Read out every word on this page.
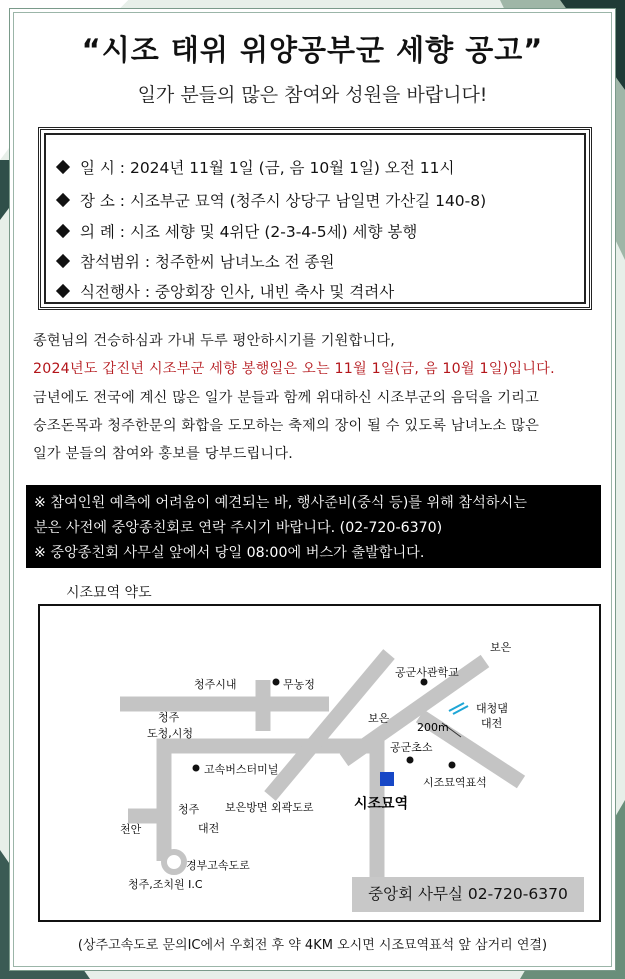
“시조 태위 위양공부군 세향 공고”
일가 분들의 많은 참여와 성원을 바랍니다!
일 시 : 2024년 11월 1일 (금, 음 10월 1일) 오전 11시
장 소 : 시조부군 묘역 (청주시 상당구 남일면 가산길 140-8)
의 례 : 시조 세향 및 4위단 (2-3-4-5세) 세향 봉행
참석범위 : 청주한씨 남녀노소 전 종원
식전행사 : 중앙회장 인사, 내빈 축사 및 격려사
종현님의 건승하심과 가내 두루 평안하시기를 기원합니다,
2024년도 갑진년 시조부군 세향 봉행일은 오는 11월 1일(금, 음 10월 1일)입니다.
금년에도 전국에 계신 많은 일가 분들과 함께 위대하신 시조부군의 음덕을 기리고
숭조돈목과 청주한문의 화합을 도모하는 축제의 장이 될 수 있도록 남녀노소 많은
일가 분들의 참여와 홍보를 당부드립니다.
※ 참여인원 예측에 어려움이 예견되는 바, 행사준비(중식 등)를 위해 참석하시는
분은 사전에 중앙종친회로 연락 주시기 바랍니다. (02-720-6370)
※ 중앙종친회 사무실 앞에서 당일 08:00에 버스가 출발합니다.
시조묘역 약도
보은
공군사관학교
청주시내	무농정
청주
도청,시청
보은
대청댐
대전
200m
공군초소
고속버스터미널
시조묘역표석
시조묘역
청주
대전
보은방면 외곽도로
천안
경부고속도로
청주,조치원 I.C
중앙회 사무실 02-720-6370
(상주고속도로 문의IC에서 우회전 후 약 4KM 오시면 시조묘역표석 앞 삼거리 연결)
